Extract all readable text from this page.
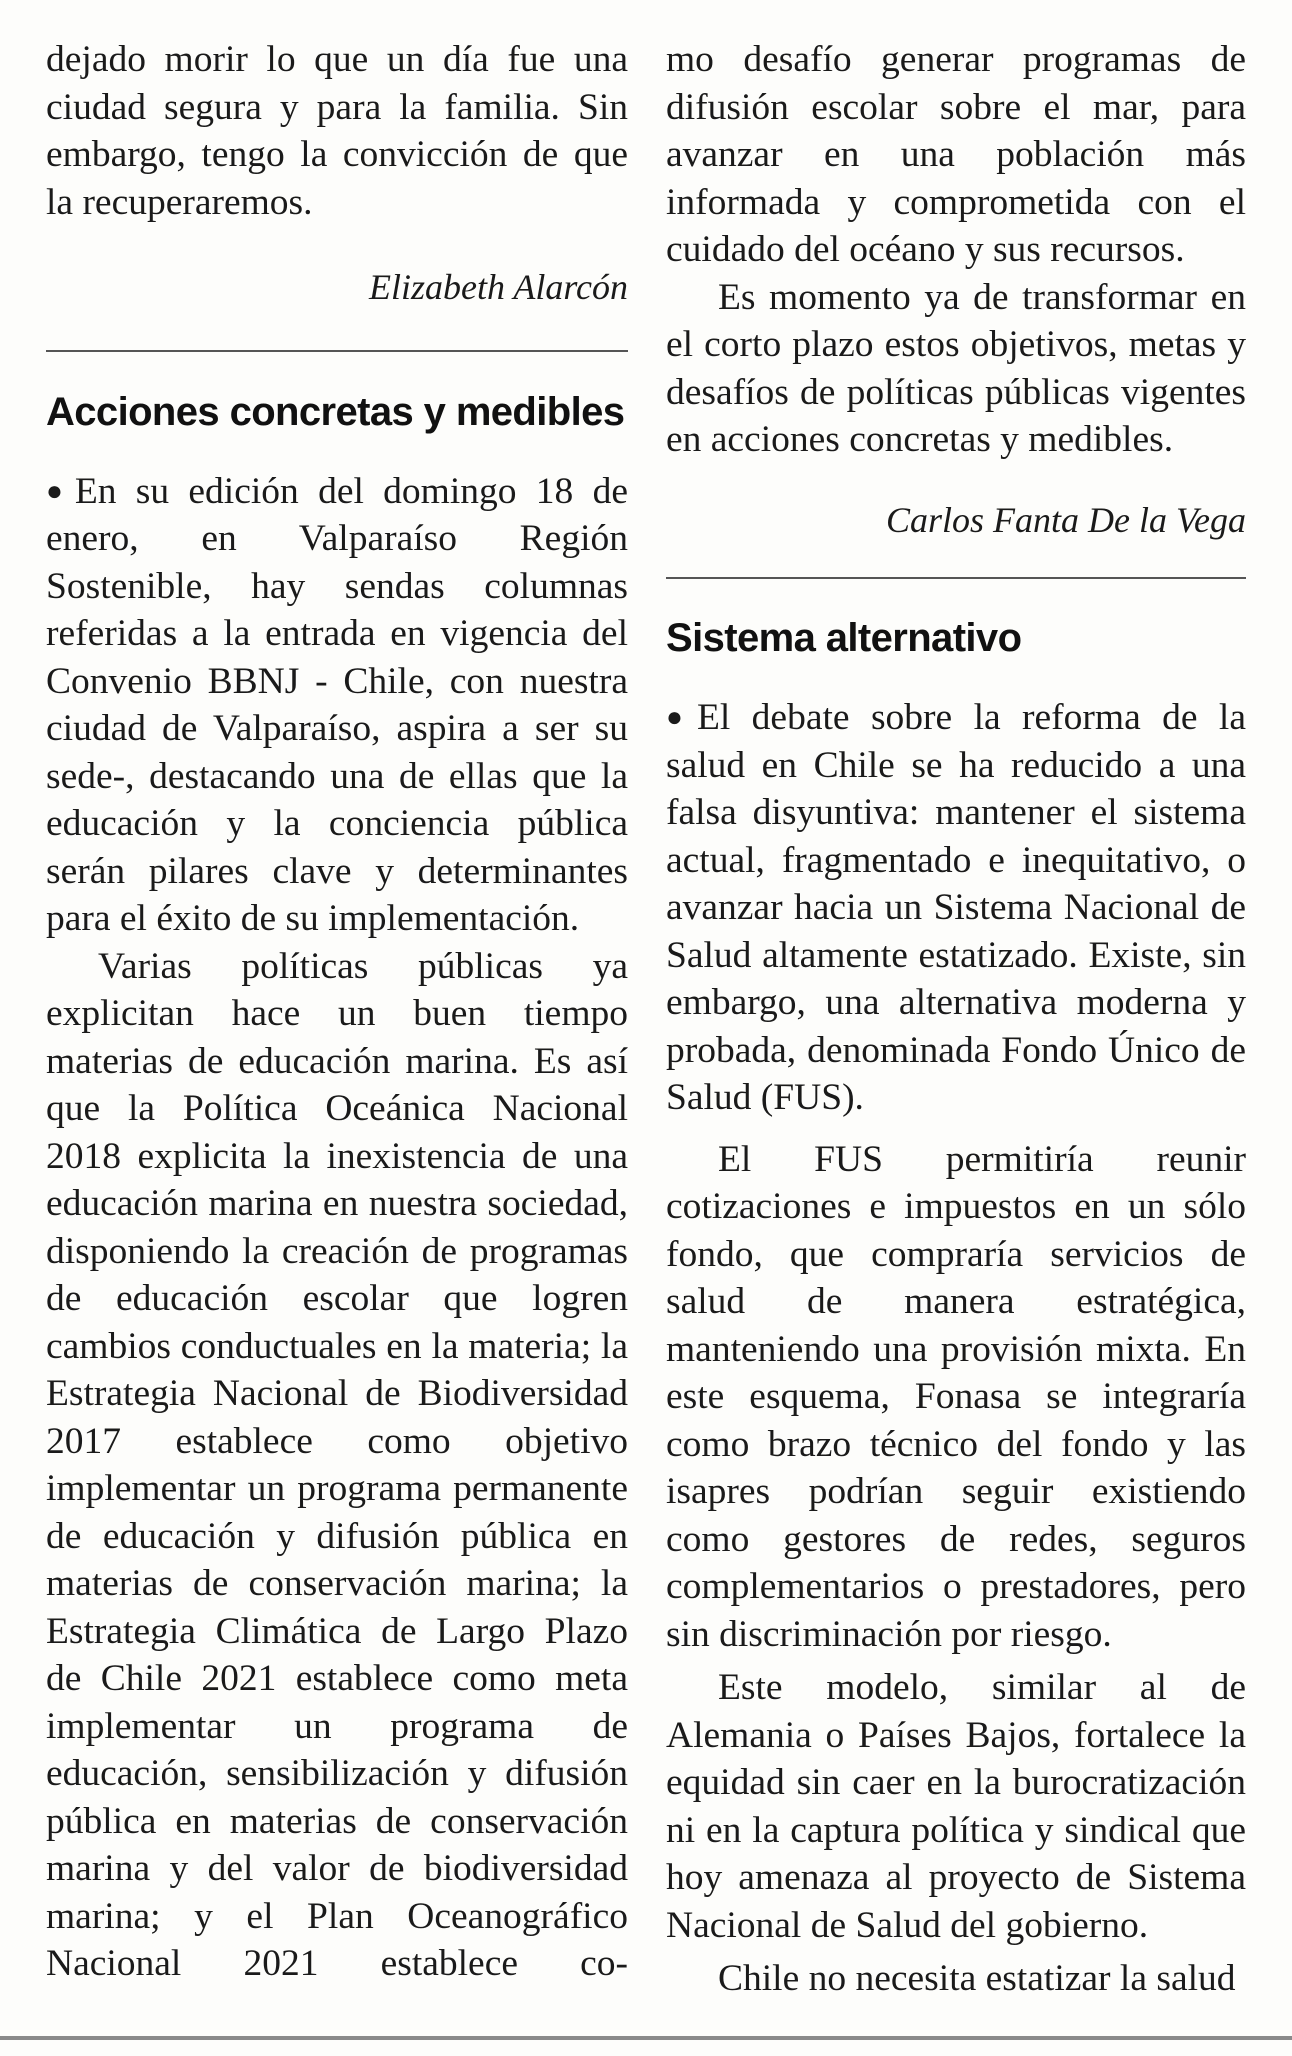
dejado morir lo que un día fue una ciudad segura y para la familia. Sin embargo, tengo la convicción de que la recuperaremos.

Elizabeth Alarcón

Acciones concretas y medibles

●En su edición del domingo 18 de enero, en Valparaíso Región Sostenible, hay sendas columnas referidas a la entrada en vigencia del Convenio BBNJ - Chile, con nuestra ciudad de Valparaíso, aspira a ser su sede-, destacando una de ellas que la educación y la conciencia pública serán pilares clave y determinantes para el éxito de su implementación.

Varias políticas públicas ya explicitan hace un buen tiempo materias de educación marina. Es así que la Política Oceánica Nacional 2018 explicita la inexistencia de una educación marina en nuestra sociedad, disponiendo la creación de programas de educación escolar que logren cambios conductuales en la materia; la Estrategia Nacional de Biodiversidad 2017 establece como objetivo implementar un programa permanente de educación y difusión pública en materias de conservación marina; la Estrategia Climática de Largo Plazo de Chile 2021 establece como meta implementar un programa de educación, sensibilización y difusión pública en materias de conservación marina y del valor de biodiversidad marina; y el Plan Oceanográfico Nacional 2021 establece co-

mo desafío generar programas de difusión escolar sobre el mar, para avanzar en una población más informada y comprometida con el cuidado del océano y sus recursos.

Es momento ya de transformar en el corto plazo estos objetivos, metas y desafíos de políticas públicas vigentes en acciones concretas y medibles.

Carlos Fanta De la Vega

Sistema alternativo

●El debate sobre la reforma de la salud en Chile se ha reducido a una falsa disyuntiva: mantener el sistema actual, fragmentado e inequitativo, o avanzar hacia un Sistema Nacional de Salud altamente estatizado. Existe, sin embargo, una alternativa moderna y probada, denominada Fondo Único de Salud (FUS).

El FUS permitiría reunir cotizaciones e impuestos en un sólo fondo, que compraría servicios de salud de manera estratégica, manteniendo una provisión mixta. En este esquema, Fonasa se integraría como brazo técnico del fondo y las isapres podrían seguir existiendo como gestores de redes, seguros complementarios o prestadores, pero sin discriminación por riesgo.

Este modelo, similar al de Alemania o Países Bajos, fortalece la equidad sin caer en la burocratización ni en la captura política y sindical que hoy amenaza al proyecto de Sistema Nacional de Salud del gobierno.

Chile no necesita estatizar la salud
